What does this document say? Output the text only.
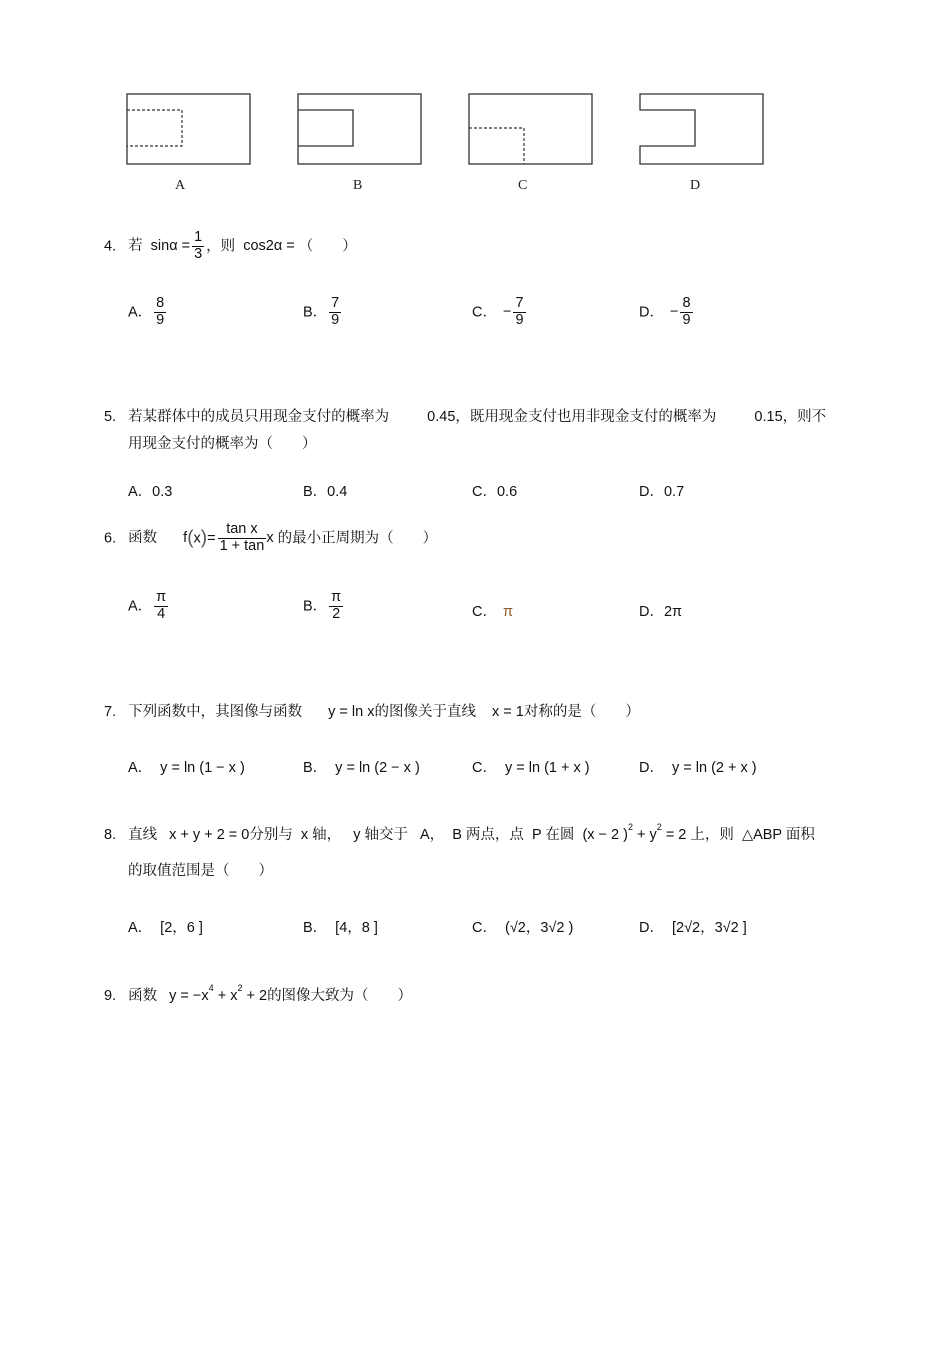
A	B	C	D
4. 若 $\sin\alpha = \frac{1}{3}$ ，则 cos2α = （　　）
A． $\frac{8}{9}$	B． $\frac{7}{9}$	C． − $\frac{7}{9}$	D． − $\frac{8}{9}$
5. 若某群体中的成员只用现金支付的概率为	0.45，既用现金支付也用非现金支付的概率为	0.15，则不
用现金支付的概率为（　　）
A．0.3	B．0.4	C．0.6	D．0.7
6. 函数 $f(x)= \frac{\text{tan x}}{1 + \tan}$ x 的最小正周期为（　　）
A． $\frac{\pi}{4}$	B． $\frac{\pi}{2}$	C． π	D．2π
7. 下列函数中，其图像与函数 y = ln x的图像关于直线 x = 1对称的是（　　）
A． y = ln (1 − x )	B． y = ln (2 − x )	C． y = ln (1 + x )	D． y = ln (2 + x )
8. 直线 x + y + 2 = 0分别与 x 轴， y 轴交于 A， B 两点，点 P 在圆 (x − 2 )$^2 + y^2 = 2$ 上，则 △ABP 面积
的取值范围是（　　）
A． [2，6 ]	B． [4，8 ]	C． (√2，3√2 )	D． [2√2，3√2 ]
9. 函数 $y = -x^4 + x^2 + 2$的图像大致为（　　）
